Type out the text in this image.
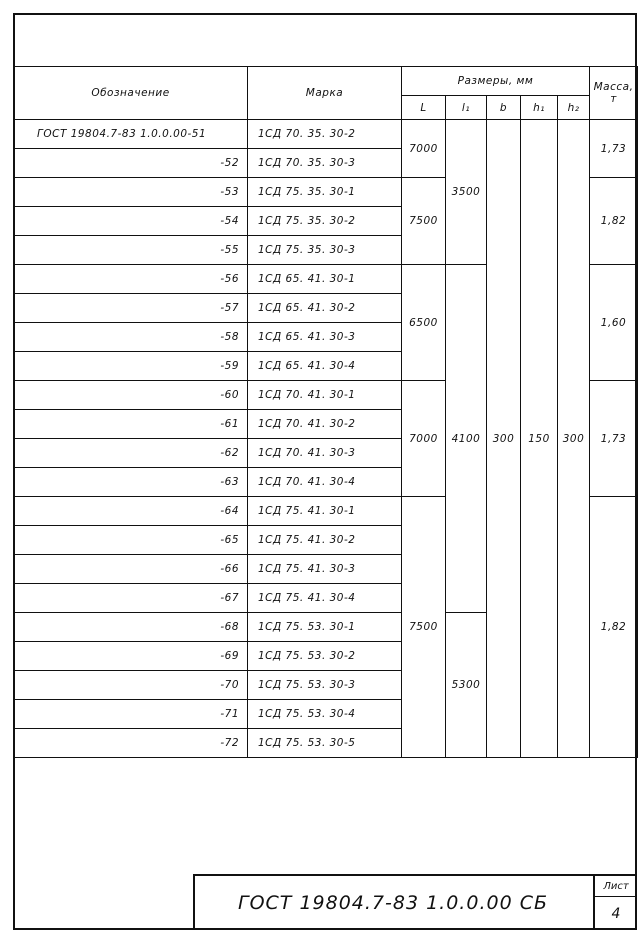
Обозначение	Марка	Размеры, мм					Масса, т
		L	l₁	b	h₁	h₂	
ГОСТ 19804.7-83 1.0.0.00-51	1СД 70. 35. 30-2	7000	3500	300	150	300	1,73
-52	1СД 70. 35. 30-3						
-53	1СД 75. 35. 30-1	7500					1,82
-54	1СД 75. 35. 30-2						
-55	1СД 75. 35. 30-3						
-56	1СД 65. 41. 30-1	6500	4100				1,60
-57	1СД 65. 41. 30-2						
-58	1СД 65. 41. 30-3						
-59	1СД 65. 41. 30-4						
-60	1СД 70. 41. 30-1	7000					1,73
-61	1СД 70. 41. 30-2						
-62	1СД 70. 41. 30-3						
-63	1СД 70. 41. 30-4						
-64	1СД 75. 41. 30-1	7500					1,82
-65	1СД 75. 41. 30-2						
-66	1СД 75. 41. 30-3						
-67	1СД 75. 41. 30-4						
-68	1СД 75. 53. 30-1		5300				
-69	1СД 75. 53. 30-2						
-70	1СД 75. 53. 30-3						
-71	1СД 75. 53. 30-4						
-72	1СД 75. 53. 30-5						
ГОСТ 19804.7-83 1.0.0.00 СБ
Лист
4
